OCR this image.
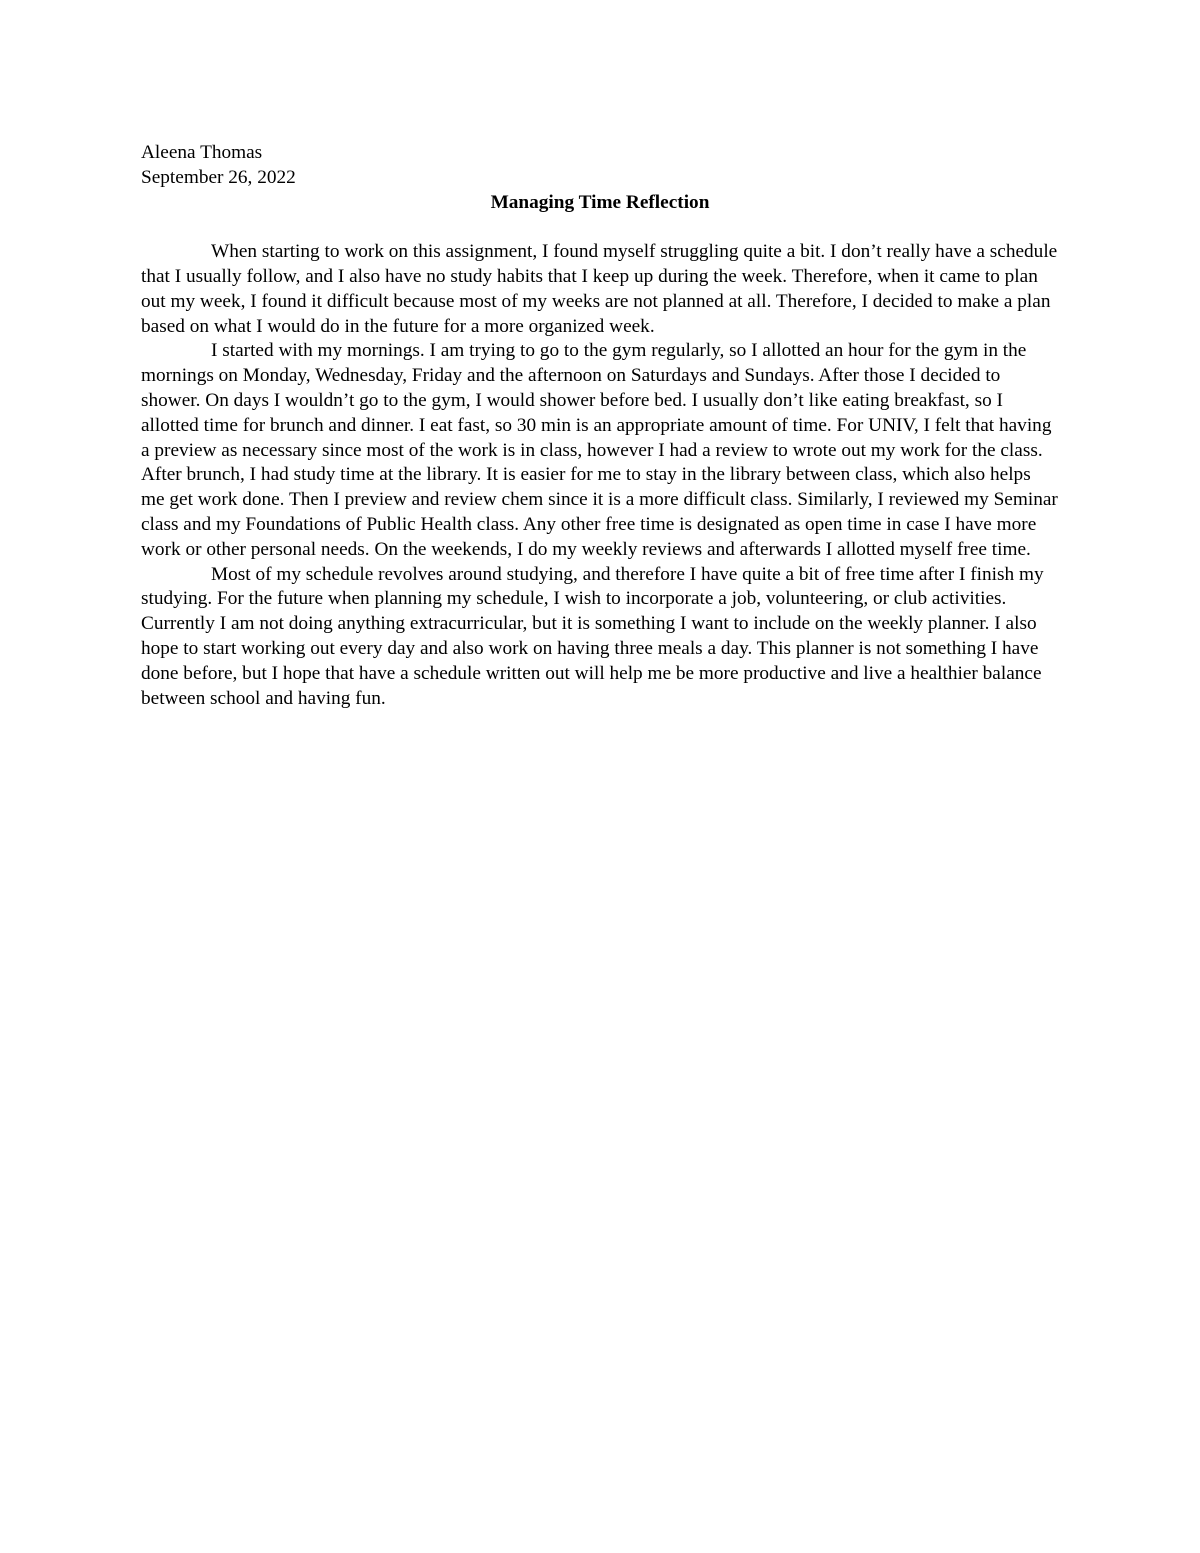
Aleena Thomas

September 26, 2022

Managing Time Reflection

When starting to work on this assignment, I found myself struggling quite a bit. I don’t really have a schedule that I usually follow, and I also have no study habits that I keep up during the week. Therefore, when it came to plan out my week, I found it difficult because most of my weeks are not planned at all. Therefore, I decided to make a plan based on what I would do in the future for a more organized week.

I started with my mornings. I am trying to go to the gym regularly, so I allotted an hour for the gym in the mornings on Monday, Wednesday, Friday and the afternoon on Saturdays and Sundays. After those I decided to shower. On days I wouldn’t go to the gym, I would shower before bed. I usually don’t like eating breakfast, so I allotted time for brunch and dinner. I eat fast, so 30 min is an appropriate amount of time. For UNIV, I felt that having a preview as necessary since most of the work is in class, however I had a review to wrote out my work for the class. After brunch, I had study time at the library. It is easier for me to stay in the library between class, which also helps me get work done. Then I preview and review chem since it is a more difficult class. Similarly, I reviewed my Seminar class and my Foundations of Public Health class. Any other free time is designated as open time in case I have more work or other personal needs. On the weekends, I do my weekly reviews and afterwards I allotted myself free time.

Most of my schedule revolves around studying, and therefore I have quite a bit of free time after I finish my studying. For the future when planning my schedule, I wish to incorporate a job, volunteering, or club activities. Currently I am not doing anything extracurricular, but it is something I want to include on the weekly planner. I also hope to start working out every day and also work on having three meals a day. This planner is not something I have done before, but I hope that have a schedule written out will help me be more productive and live a healthier balance between school and having fun.
